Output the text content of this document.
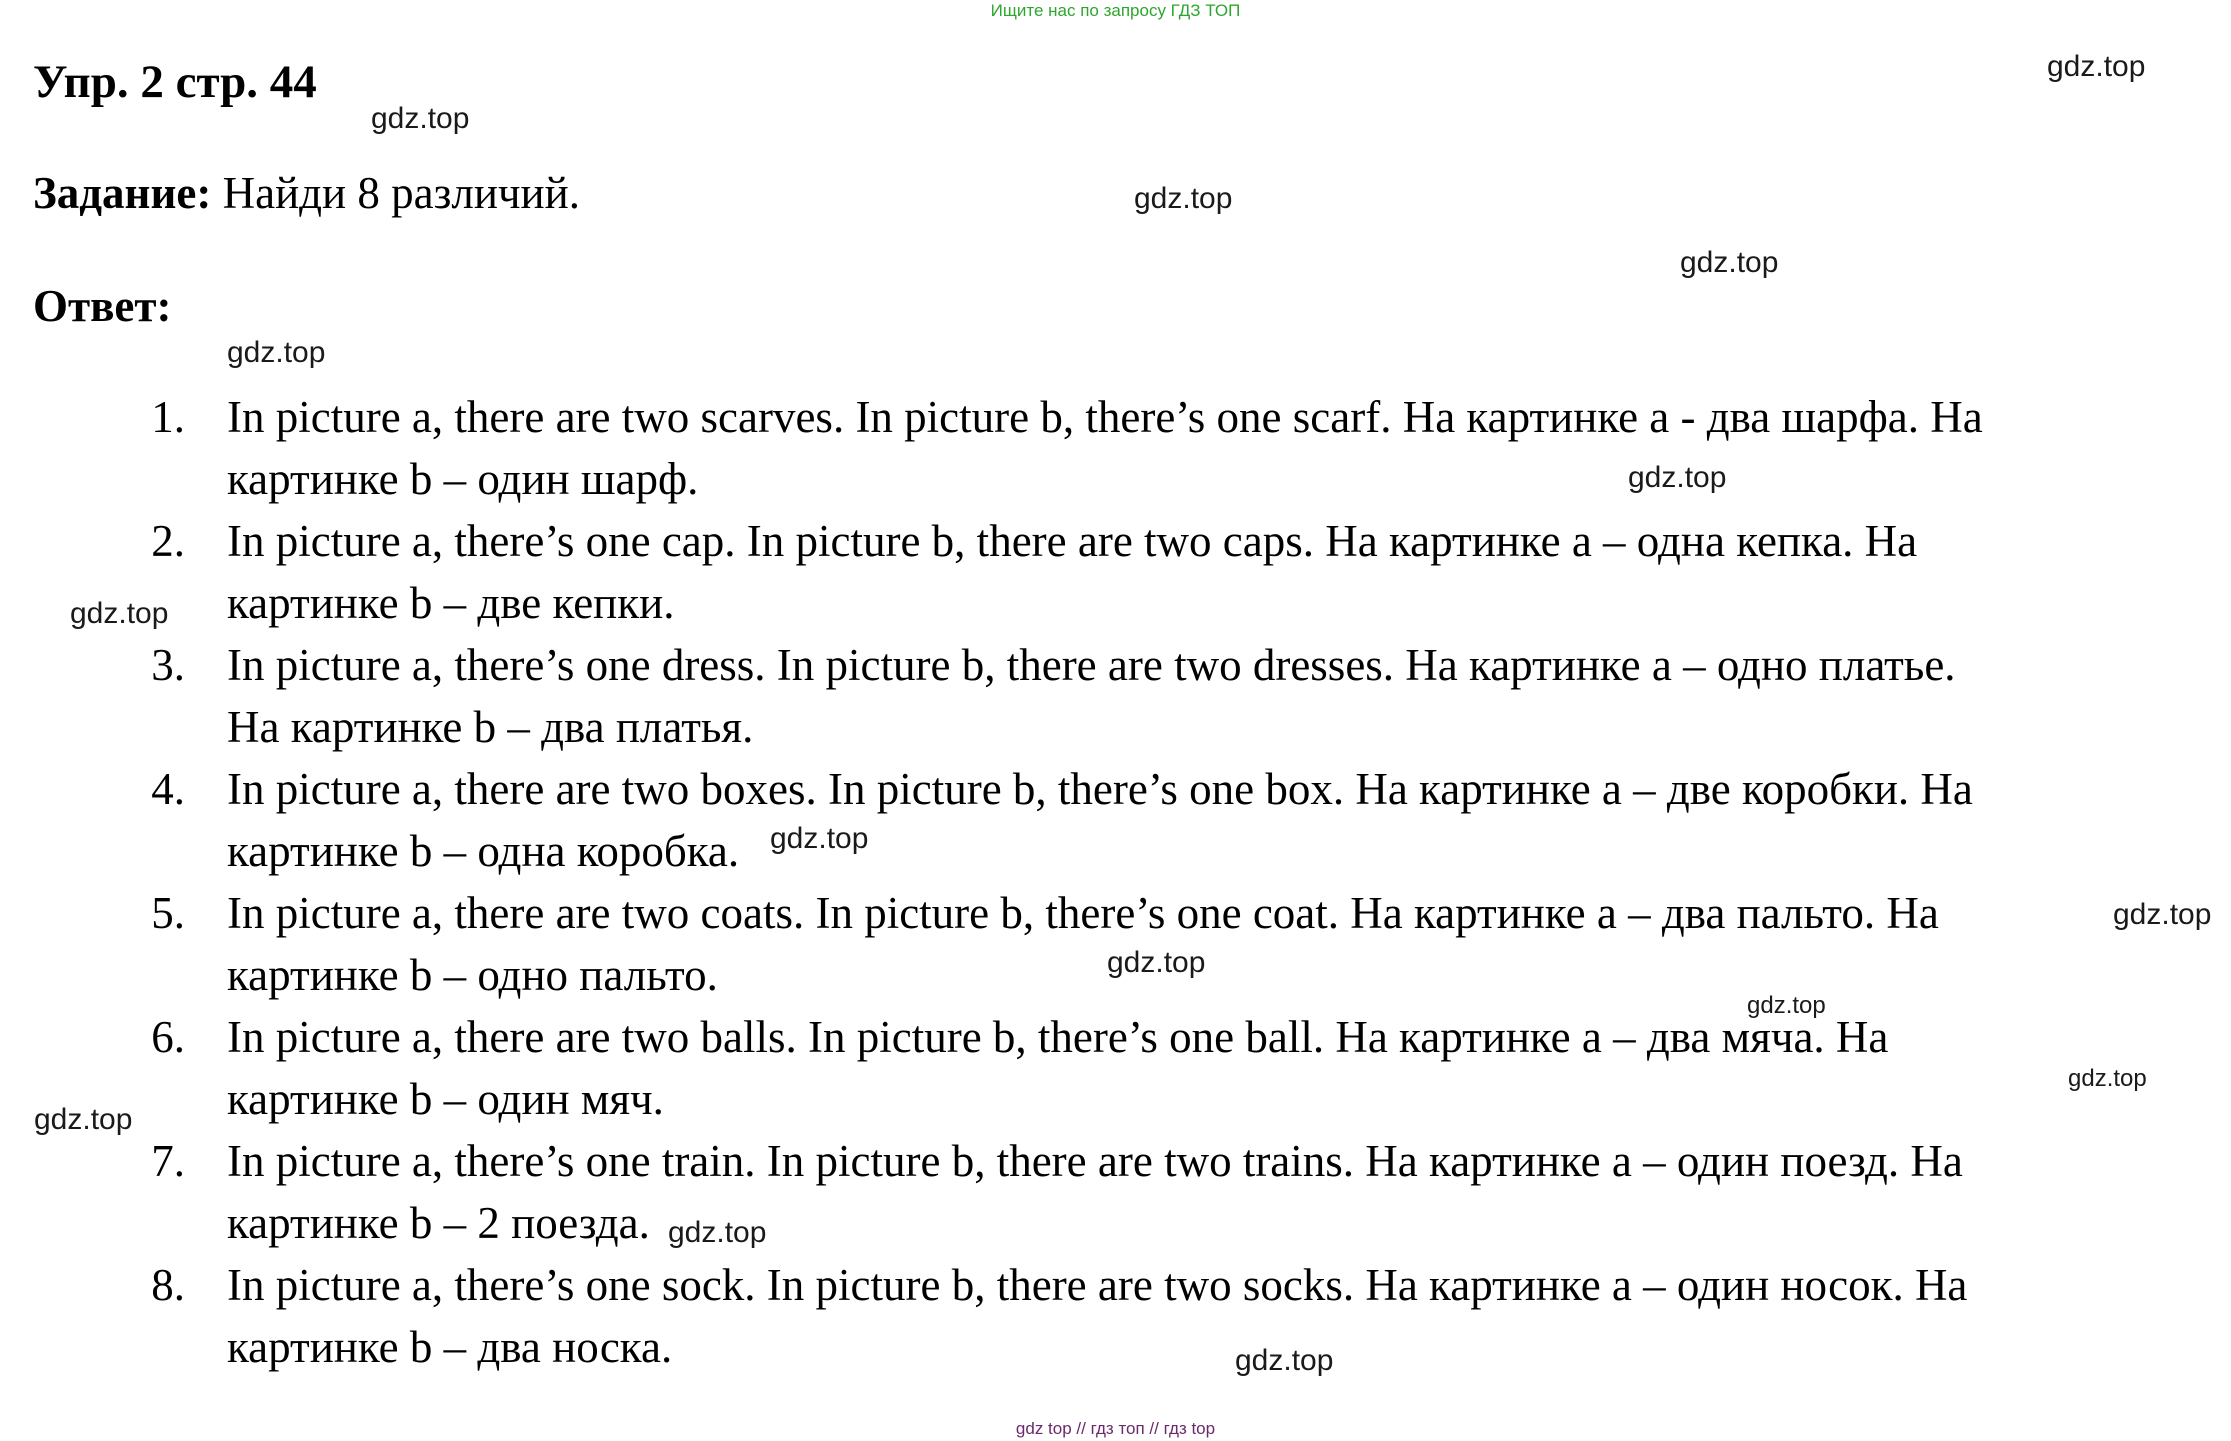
Ищите нас по запросу ГДЗ ТОП
Упр. 2 стр. 44
Задание: Найди 8 различий.
Ответ:
1. In picture a, there are two scarves. In picture b, there’s one scarf. На картинке а - два шарфа. На
картинке b – один шарф.
2. In picture a, there’s one cap. In picture b, there are two caps. На картинке а – одна кепка. На
картинке b – две кепки.
3. In picture a, there’s one dress. In picture b, there are two dresses. На картинке а – одно платье.
На картинке b – два платья.
4. In picture a, there are two boxes. In picture b, there’s one box. На картинке а – две коробки. На
картинке b – одна коробка.
5. In picture a, there are two coats. In picture b, there’s one coat. На картинке а – два пальто. На
картинке b – одно пальто.
6. In picture a, there are two balls. In picture b, there’s one ball. На картинке а – два мяча. На
картинке b – один мяч.
7. In picture a, there’s one train. In picture b, there are two trains. На картинке а – один поезд. На
картинке b – 2 поезда.
8. In picture a, there’s one sock. In picture b, there are two socks. На картинке а – один носок. На
картинке b – два носка.
gdz.top
gdz.top
gdz.top
gdz.top
gdz.top
gdz.top
gdz.top
gdz.top
gdz.top
gdz.top
gdz.top
gdz.top
gdz.top
gdz.top
gdz.top
gdz top // гдз топ // гдз top
